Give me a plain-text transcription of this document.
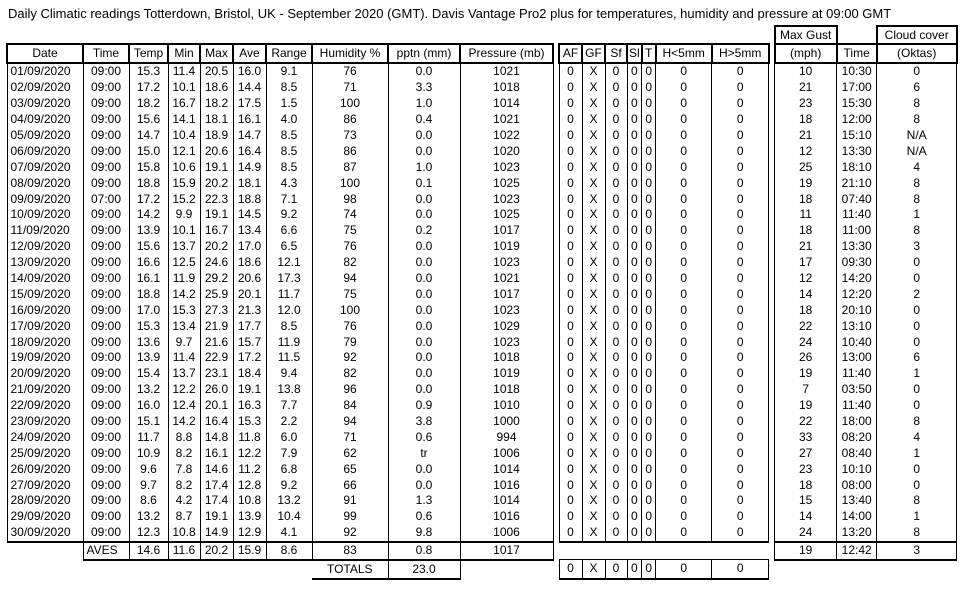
Daily Climatic readings Totterdown, Bristol, UK - September 2020 (GMT). Davis Vantage Pro2 plus for temperatures, humidity and pressure at 09:00 GMT
																			Max Gust		Cloud cover
Date	Time	Temp	Min	Max	Ave	Range	Humidity %	pptn (mm)	Pressure (mb)		AF	GF	Sf	Sl	T	H<5mm	H>5mm		(mph)	Time	(Oktas)
01/09/2020	09:00	15.3	11.4	20.5	16.0	9.1	76	0.0	1021		0	X	0	0	0	0	0		10	10:30	0
02/09/2020	09:00	17.2	10.1	18.6	14.4	8.5	71	3.3	1018		0	X	0	0	0	0	0		21	17:00	6
03/09/2020	09:00	18.2	16.7	18.2	17.5	1.5	100	1.0	1014		0	X	0	0	0	0	0		23	15:30	8
04/09/2020	09:00	15.6	14.1	18.1	16.1	4.0	86	0.4	1021		0	X	0	0	0	0	0		18	12:00	8
05/09/2020	09:00	14.7	10.4	18.9	14.7	8.5	73	0.0	1022		0	X	0	0	0	0	0		21	15:10	N/A
06/09/2020	09:00	15.0	12.1	20.6	16.4	8.5	86	0.0	1020		0	X	0	0	0	0	0		12	13:30	N/A
07/09/2020	09:00	15.8	10.6	19.1	14.9	8.5	87	1.0	1023		0	X	0	0	0	0	0		25	18:10	4
08/09/2020	09:00	18.8	15.9	20.2	18.1	4.3	100	0.1	1025		0	X	0	0	0	0	0		19	21:10	8
09/09/2020	07:00	17.2	15.2	22.3	18.8	7.1	98	0.0	1023		0	X	0	0	0	0	0		18	07:40	8
10/09/2020	09:00	14.2	9.9	19.1	14.5	9.2	74	0.0	1025		0	X	0	0	0	0	0		11	11:40	1
11/09/2020	09:00	13.9	10.1	16.7	13.4	6.6	75	0.2	1017		0	X	0	0	0	0	0		18	11:00	8
12/09/2020	09:00	15.6	13.7	20.2	17.0	6.5	76	0.0	1019		0	X	0	0	0	0	0		21	13:30	3
13/09/2020	09:00	16.6	12.5	24.6	18.6	12.1	82	0.0	1023		0	X	0	0	0	0	0		17	09:30	0
14/09/2020	09:00	16.1	11.9	29.2	20.6	17.3	94	0.0	1021		0	X	0	0	0	0	0		12	14:20	0
15/09/2020	09:00	18.8	14.2	25.9	20.1	11.7	75	0.0	1017		0	X	0	0	0	0	0		14	12:20	2
16/09/2020	09:00	17.0	15.3	27.3	21.3	12.0	100	0.0	1023		0	X	0	0	0	0	0		18	20:10	0
17/09/2020	09:00	15.3	13.4	21.9	17.7	8.5	76	0.0	1029		0	X	0	0	0	0	0		22	13:10	0
18/09/2020	09:00	13.6	9.7	21.6	15.7	11.9	79	0.0	1023		0	X	0	0	0	0	0		24	10:40	0
19/09/2020	09:00	13.9	11.4	22.9	17.2	11.5	92	0.0	1018		0	X	0	0	0	0	0		26	13:00	6
20/09/2020	09:00	15.4	13.7	23.1	18.4	9.4	82	0.0	1019		0	X	0	0	0	0	0		19	11:40	1
21/09/2020	09:00	13.2	12.2	26.0	19.1	13.8	96	0.0	1018		0	X	0	0	0	0	0		7	03:50	0
22/09/2020	09:00	16.0	12.4	20.1	16.3	7.7	84	0.9	1010		0	X	0	0	0	0	0		19	11:40	0
23/09/2020	09:00	15.1	14.2	16.4	15.3	2.2	94	3.8	1000		0	X	0	0	0	0	0		22	18:00	8
24/09/2020	09:00	11.7	8.8	14.8	11.8	6.0	71	0.6	994		0	X	0	0	0	0	0		33	08:20	4
25/09/2020	09:00	10.9	8.2	16.1	12.2	7.9	62	tr	1006		0	X	0	0	0	0	0		27	08:40	1
26/09/2020	09:00	9.6	7.8	14.6	11.2	6.8	65	0.0	1014		0	X	0	0	0	0	0		23	10:10	0
27/09/2020	09:00	9.7	8.2	17.4	12.8	9.2	66	0.0	1016		0	X	0	0	0	0	0		18	08:00	0
28/09/2020	09:00	8.6	4.2	17.4	10.8	13.2	91	1.3	1014		0	X	0	0	0	0	0		15	13:40	8
29/09/2020	09:00	13.2	8.7	19.1	13.9	10.4	99	0.6	1016		0	X	0	0	0	0	0		14	14:00	1
30/09/2020	09:00	12.3	10.8	14.9	12.9	4.1	92	9.8	1006		0	X	0	0	0	0	0		24	13:20	8
	AVES	14.6	11.6	20.2	15.9	8.6	83	0.8	1017										19	12:42	3
							TOTALS	23.0			0	X	0	0	0	0	0				
